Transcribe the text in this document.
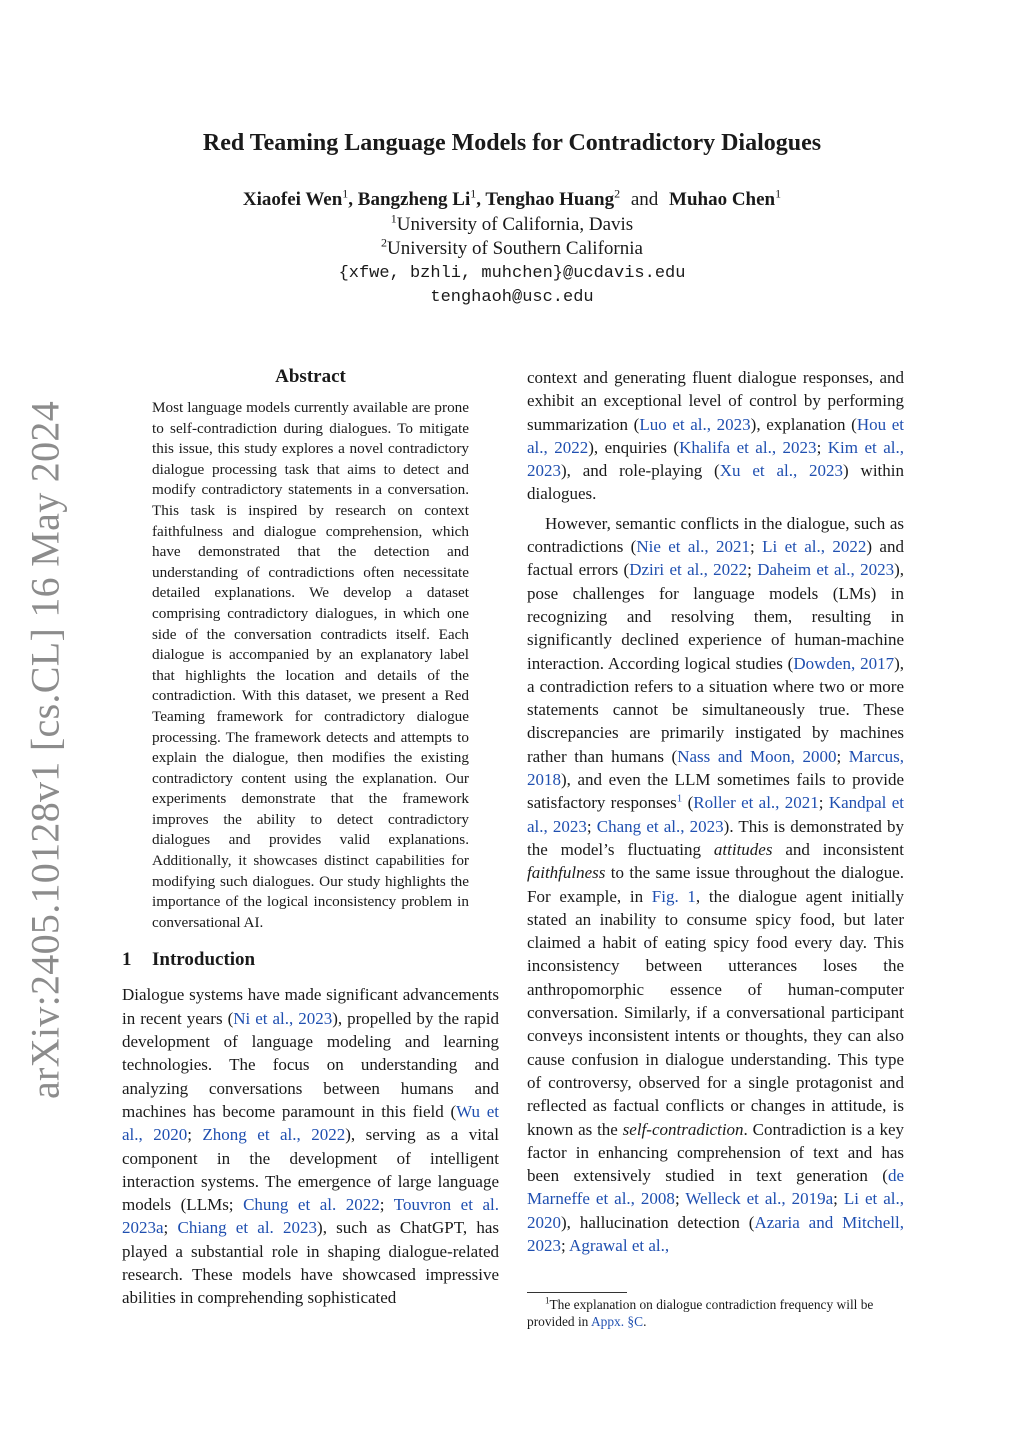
arXiv:2405.10128v1 [cs.CL] 16 May 2024
Red Teaming Language Models for Contradictory Dialogues
Xiaofei Wen$^1$, Bangzheng Li$^1$, Tenghao Huang$^2$ and Muhao Chen$^1$
$^1$University of California, Davis
$^2$University of Southern California
{xfwe, bzhli, muhchen}@ucdavis.edu
tenghaoh@usc.edu
Abstract

Most language models currently available are prone to self-contradiction during dialogues. To mitigate this issue, this study explores a novel contradictory dialogue processing task that aims to detect and modify contradictory statements in a conversation. This task is inspired by research on context faithfulness and dialogue comprehension, which have demonstrated that the detection and understanding of contradictions often necessitate detailed explanations. We develop a dataset comprising contradictory dialogues, in which one side of the conversation contradicts itself. Each dialogue is accompanied by an explanatory label that highlights the location and details of the contradiction. With this dataset, we present a Red Teaming framework for contradictory dialogue processing. The framework detects and attempts to explain the dialogue, then modifies the existing contradictory content using the explanation. Our experiments demonstrate that the framework improves the ability to detect contradictory dialogues and provides valid explanations. Additionally, it showcases distinct capabilities for modifying such dialogues. Our study highlights the importance of the logical inconsistency problem in conversational AI.

1 Introduction

Dialogue systems have made significant advancements in recent years (Ni et al., 2023), propelled by the rapid development of language modeling and learning technologies. The focus on understanding and analyzing conversations between humans and machines has become paramount in this field (Wu et al., 2020; Zhong et al., 2022), serving as a vital component in the development of intelligent interaction systems. The emergence of large language models (LLMs; Chung et al. 2022; Touvron et al. 2023a; Chiang et al. 2023), such as ChatGPT, has played a substantial role in shaping dialogue-related research. These models have showcased impressive abilities in comprehending sophisticated

context and generating fluent dialogue responses, and exhibit an exceptional level of control by performing summarization (Luo et al., 2023), explanation (Hou et al., 2022), enquiries (Khalifa et al., 2023; Kim et al., 2023), and role-playing (Xu et al., 2023) within dialogues.

However, semantic conflicts in the dialogue, such as contradictions (Nie et al., 2021; Li et al., 2022) and factual errors (Dziri et al., 2022; Daheim et al., 2023), pose challenges for language models (LMs) in recognizing and resolving them, resulting in significantly declined experience of human-machine interaction. According logical studies (Dowden, 2017), a contradiction refers to a situation where two or more statements cannot be simultaneously true. These discrepancies are primarily instigated by machines rather than humans (Nass and Moon, 2000; Marcus, 2018), and even the LLM sometimes fails to provide satisfactory responses$^1$ (Roller et al., 2021; Kandpal et al., 2023; Chang et al., 2023). This is demonstrated by the model’s fluctuating attitudes and inconsistent faithfulness to the same issue throughout the dialogue. For example, in Fig. 1, the dialogue agent initially stated an inability to consume spicy food, but later claimed a habit of eating spicy food every day. This inconsistency between utterances loses the anthropomorphic essence of human-computer conversation. Similarly, if a conversational participant conveys inconsistent intents or thoughts, they can also cause confusion in dialogue understanding. This type of controversy, observed for a single protagonist and reflected as factual conflicts or changes in attitude, is known as the self-contradiction. Contradiction is a key factor in enhancing comprehension of text and has been extensively studied in text generation (de Marneffe et al., 2008; Welleck et al., 2019a; Li et al., 2020), hallucination detection (Azaria and Mitchell, 2023; Agrawal et al.,

$^1$The explanation on dialogue contradiction frequency will be provided in Appx. §C.
